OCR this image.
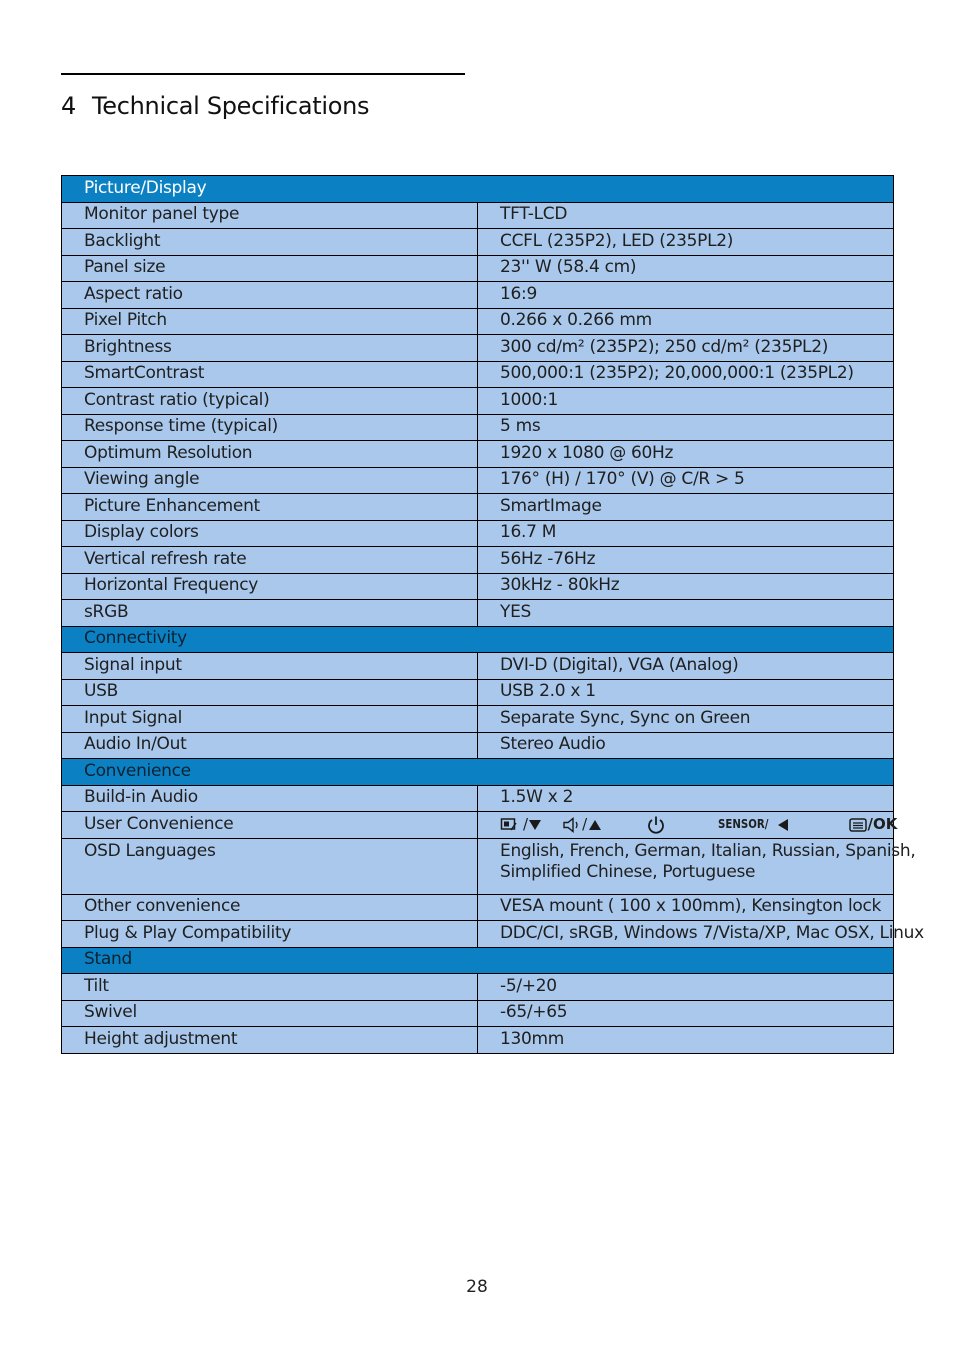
4 Technical Specifications
Picture/Display	
Monitor panel type	TFT-LCD
Backlight	CCFL (235P2), LED (235PL2)
Panel size	23'' W (58.4 cm)
Aspect ratio	16:9
Pixel Pitch	0.266 x 0.266 mm
Brightness	300 cd/m² (235P2); 250 cd/m² (235PL2)
SmartContrast	500,000:1 (235P2); 20,000,000:1 (235PL2)
Contrast ratio (typical)	1000:1
Response time (typical)	5 ms
Optimum Resolution	1920 x 1080 @ 60Hz
Viewing angle	176° (H) / 170° (V) @ C/R > 5
Picture Enhancement	SmartImage
Display colors	16.7 M
Vertical refresh rate	56Hz -76Hz
Horizontal Frequency	30kHz - 80kHz
sRGB	YES
Connectivity	
Signal input	DVI-D (Digital), VGA (Analog)
USB	USB 2.0 x 1
Input Signal	Separate Sync, Sync on Green
Audio In/Out	Stereo Audio
Convenience	
Build-in Audio	1.5W x 2
User Convenience	/ / SENSOR/ /OK

OSD Languages	English, French, German, Italian, Russian, Spanish,
Simplified Chinese, Portuguese

Other convenience	VESA mount ( 100 x 100mm), Kensington lock
Plug & Play Compatibility	DDC/CI, sRGB, Windows 7/Vista/XP, Mac OSX, Linux
Stand	
Tilt	-5/+20
Swivel	-65/+65
Height adjustment	130mm
28
